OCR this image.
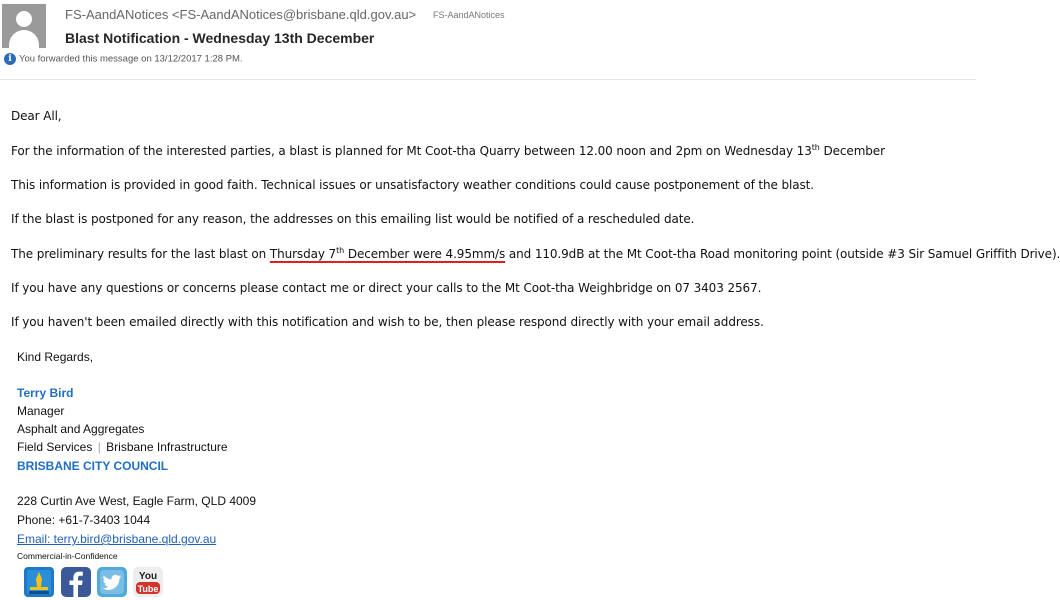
FS-AandANotices <FS-AandANotices@brisbane.qld.gov.au> FS-AandANotices
Blast Notification - Wednesday 13th December
i You forwarded this message on 13/12/2017 1:28 PM.
Dear All,
For the information of the interested parties, a blast is planned for Mt Coot-tha Quarry between 12.00 noon and 2pm on Wednesday 13th December
This information is provided in good faith. Technical issues or unsatisfactory weather conditions could cause postponement of the blast.
If the blast is postponed for any reason, the addresses on this emailing list would be notified of a rescheduled date.
The preliminary results for the last blast on Thursday 7th December were 4.95mm/s and 110.9dB at the Mt Coot-tha Road monitoring point (outside #3 Sir Samuel Griffith Drive).
If you have any questions or concerns please contact me or direct your calls to the Mt Coot-tha Weighbridge on 07 3403 2567.
If you haven't been emailed directly with this notification and wish to be, then please respond directly with your email address.
Kind Regards,
Terry Bird
Manager
Asphalt and Aggregates
Field Services | Brisbane Infrastructure
BRISBANE CITY COUNCIL
228 Curtin Ave West, Eagle Farm, QLD 4009
Phone: +61-7-3403 1044
Email: terry.bird@brisbane.qld.gov.au
Commercial-in-Confidence
You
Tube
